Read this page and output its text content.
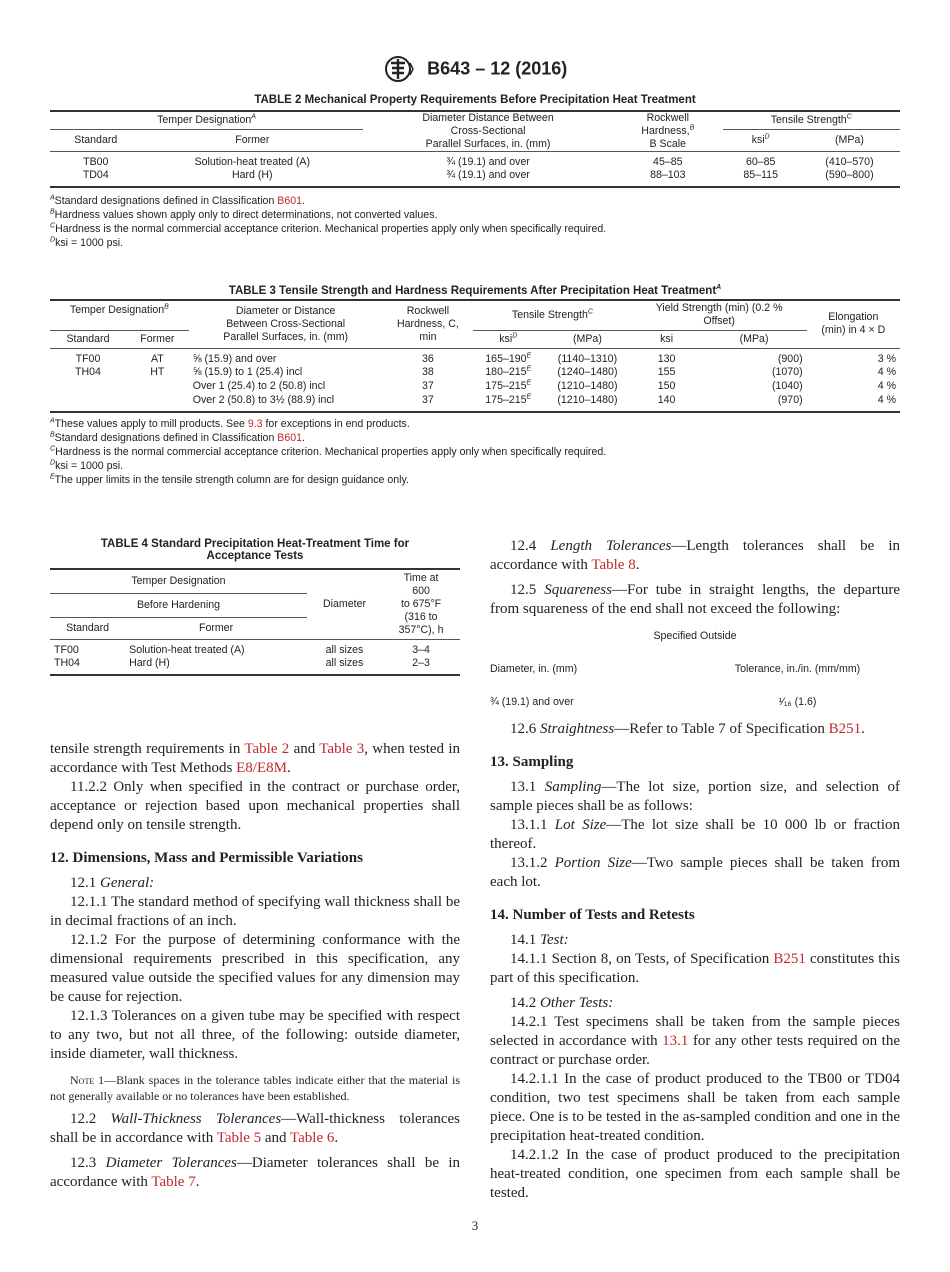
B643 – 12 (2016)
TABLE 2 Mechanical Property Requirements Before Precipitation Heat Treatment
Temper Designation$^A$		Diameter Distance Between
Cross-Sectional
Parallel Surfaces, in. (mm)	Rockwell
Hardness,$^B$
B Scale	Tensile Strength$^C$
Standard	Former			ksi$^D$	(MPa)
TB00	Solution-heat treated (A)	¾ (19.1) and over	45–85	60–85	(410–570)
TD04	Hard (H)	¾ (19.1) and over	88–103	85–115	(590–800)
$^A$Standard designations defined in Classification B601.
$^B$Hardness values shown apply only to direct determinations, not converted values.
$^C$Hardness is the normal commercial acceptance criterion. Mechanical properties apply only when specifically required.
$^D$ksi = 1000 psi.
TABLE 3 Tensile Strength and Hardness Requirements After Precipitation Heat Treatment$^A$
Temper Designation$^B$		Diameter or Distance
Between Cross-Sectional
Parallel Surfaces, in. (mm)	Rockwell
Hardness, C,
min	Tensile Strength$^C$		Yield Strength (min) (0.2 %
Offset)		Elongation
(min) in 4 × D
Standard	Former			ksi$^D$	(MPa)	ksi	(MPa)	
TF00	AT	⅝ (15.9) and over	36	$165-190^E$	(1140–1310)	130	(900)	3 %
TH04	HT	⅝ (15.9) to 1 (25.4) incl	38	$180-215^E$	(1240–1480)	155	(1070)	4 %
		Over 1 (25.4) to 2 (50.8) incl	37	$175-215^E$	(1210–1480)	150	(1040)	4 %
		Over 2 (50.8) to 3½ (88.9) incl	37	$175-215^E$	(1210–1480)	140	(970)	4 %
$^A$These values apply to mill products. See 9.3 for exceptions in end products.
$^B$Standard designations defined in Classification B601.
$^C$Hardness is the normal commercial acceptance criterion. Mechanical properties apply only when specifically required.
$^D$ksi = 1000 psi.
$^E$The upper limits in the tensile strength column are for design guidance only.
TABLE 4 Standard Precipitation Heat-Treatment Time for
Acceptance Tests
Temper Designation		Diameter	Time at
600
to 675°F
(316 to
357°C), h
Before Hardening			
Standard	Former		
TF00	Solution-heat treated (A)	all sizes	3–4
TH04	Hard (H)	all sizes	2–3

tensile strength requirements in Table 2 and Table 3, when tested in accordance with Test Methods E8/E8M.

11.2.2 Only when specified in the contract or purchase order, acceptance or rejection based upon mechanical properties shall depend only on tensile strength.

12. Dimensions, Mass and Permissible Variations

12.1 General:

12.1.1 The standard method of specifying wall thickness shall be in decimal fractions of an inch.

12.1.2 For the purpose of determining conformance with the dimensional requirements prescribed in this specification, any measured value outside the specified values for any dimension may be cause for rejection.

12.1.3 Tolerances on a given tube may be specified with respect to any two, but not all three, of the following: outside diameter, inside diameter, wall thickness.

Note 1—Blank spaces in the tolerance tables indicate either that the material is not generally available or no tolerances have been established.

12.2 Wall-Thickness Tolerances—Wall-thickness tolerances shall be in accordance with Table 5 and Table 6.

12.3 Diameter Tolerances—Diameter tolerances shall be in accordance with Table 7.

12.4 Length Tolerances—Length tolerances shall be in accordance with Table 8.

12.5 Squareness—For tube in straight lengths, the departure from squareness of the end shall not exceed the following:

Specified Outside
Diameter, in. (mm)	Tolerance, in./in. (mm/mm)
¾ (19.1) and over	¹⁄₁₆ (1.6)

12.6 Straightness—Refer to Table 7 of Specification B251.

13. Sampling

13.1 Sampling—The lot size, portion size, and selection of sample pieces shall be as follows:

13.1.1 Lot Size—The lot size shall be 10 000 lb or fraction thereof.

13.1.2 Portion Size—Two sample pieces shall be taken from each lot.

14. Number of Tests and Retests

14.1 Test:

14.1.1 Section 8, on Tests, of Specification B251 constitutes this part of this specification.

14.2 Other Tests:

14.2.1 Test specimens shall be taken from the sample pieces selected in accordance with 13.1 for any other tests required on the contract or purchase order.

14.2.1.1 In the case of product produced to the TB00 or TD04 condition, two test specimens shall be taken from each sample piece. One is to be tested in the as-sampled condition and one in the precipitation heat-treated condition.

14.2.1.2 In the case of product produced to the precipitation heat-treated condition, one specimen from each sample shall be tested.

3
